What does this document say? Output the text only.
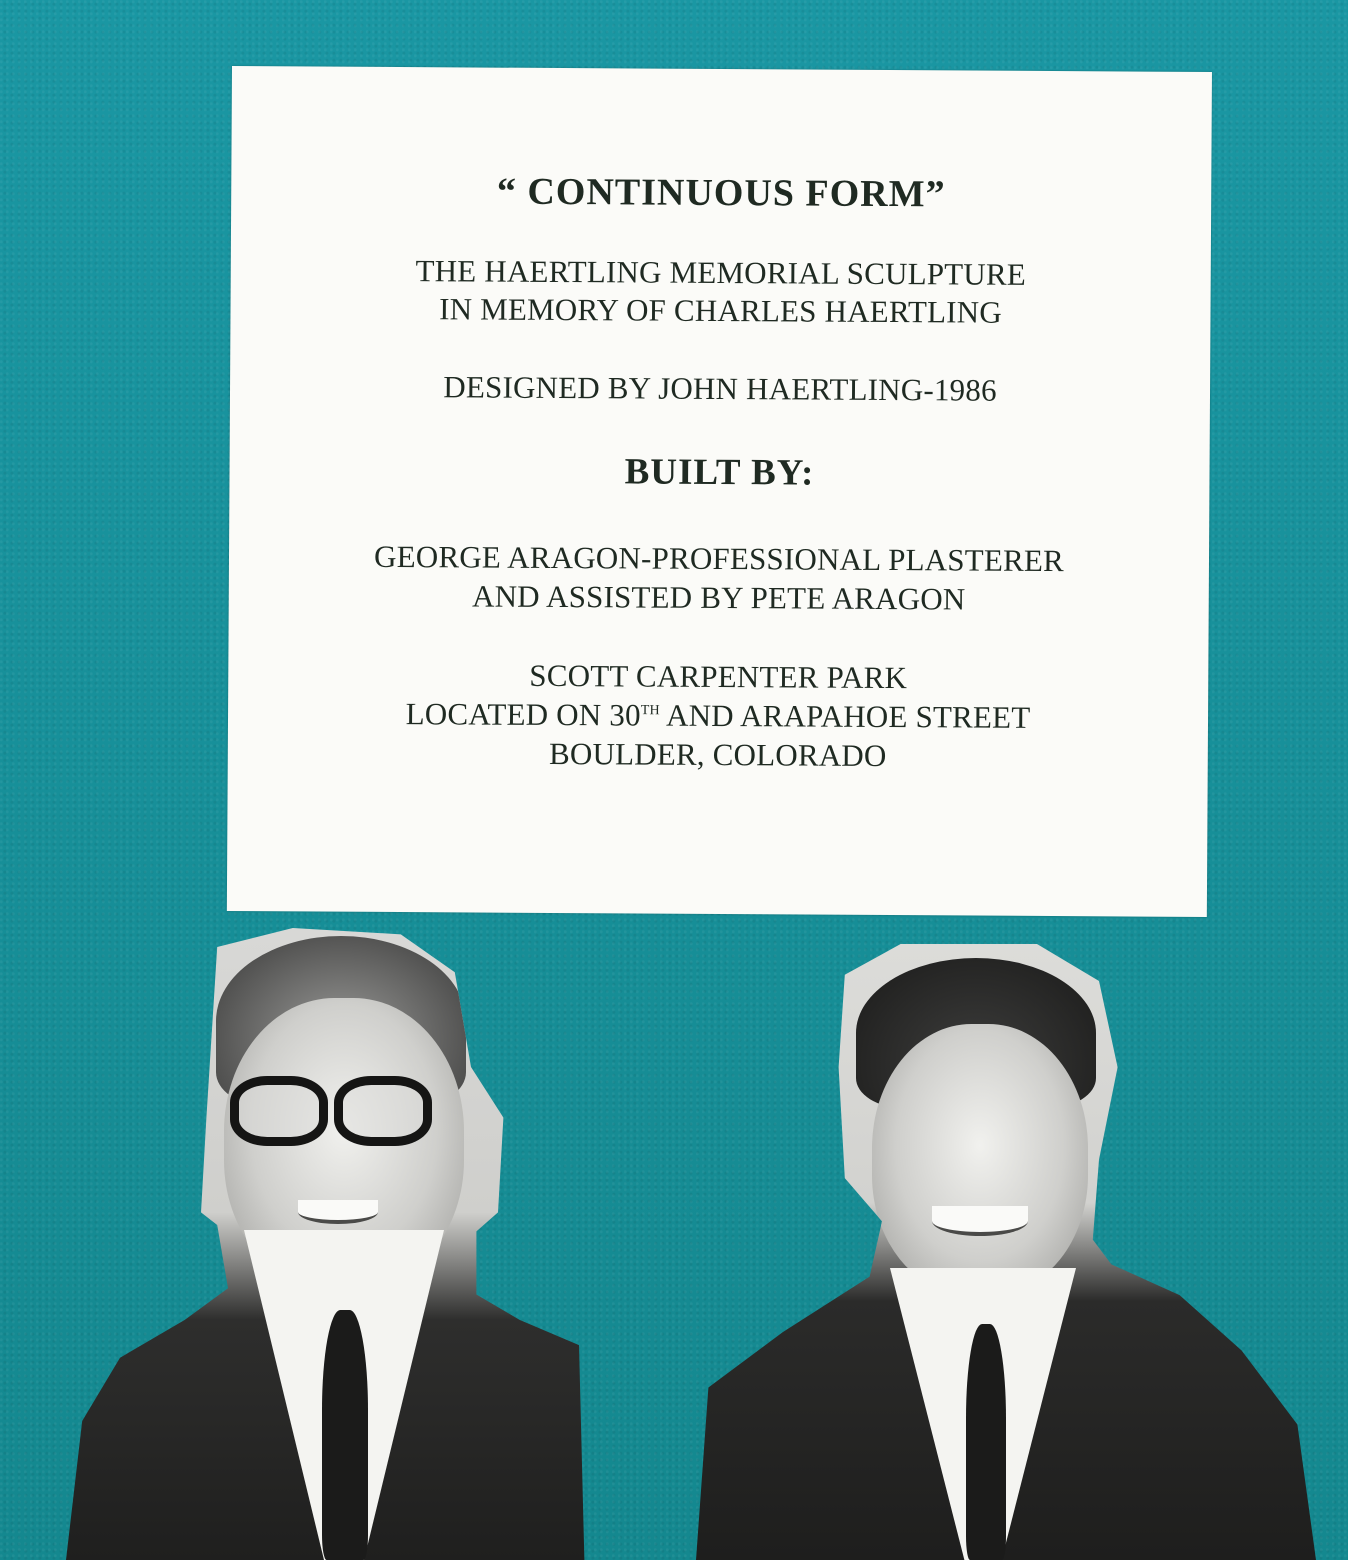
“ CONTINUOUS FORM”
THE HAERTLING MEMORIAL SCULPTURE
IN MEMORY OF CHARLES HAERTLING
DESIGNED BY JOHN HAERTLING-1986
BUILT BY:
GEORGE ARAGON-PROFESSIONAL PLASTERER
AND ASSISTED BY PETE ARAGON
SCOTT CARPENTER PARK
LOCATED ON 30TH AND ARAPAHOE STREET
BOULDER, COLORADO
